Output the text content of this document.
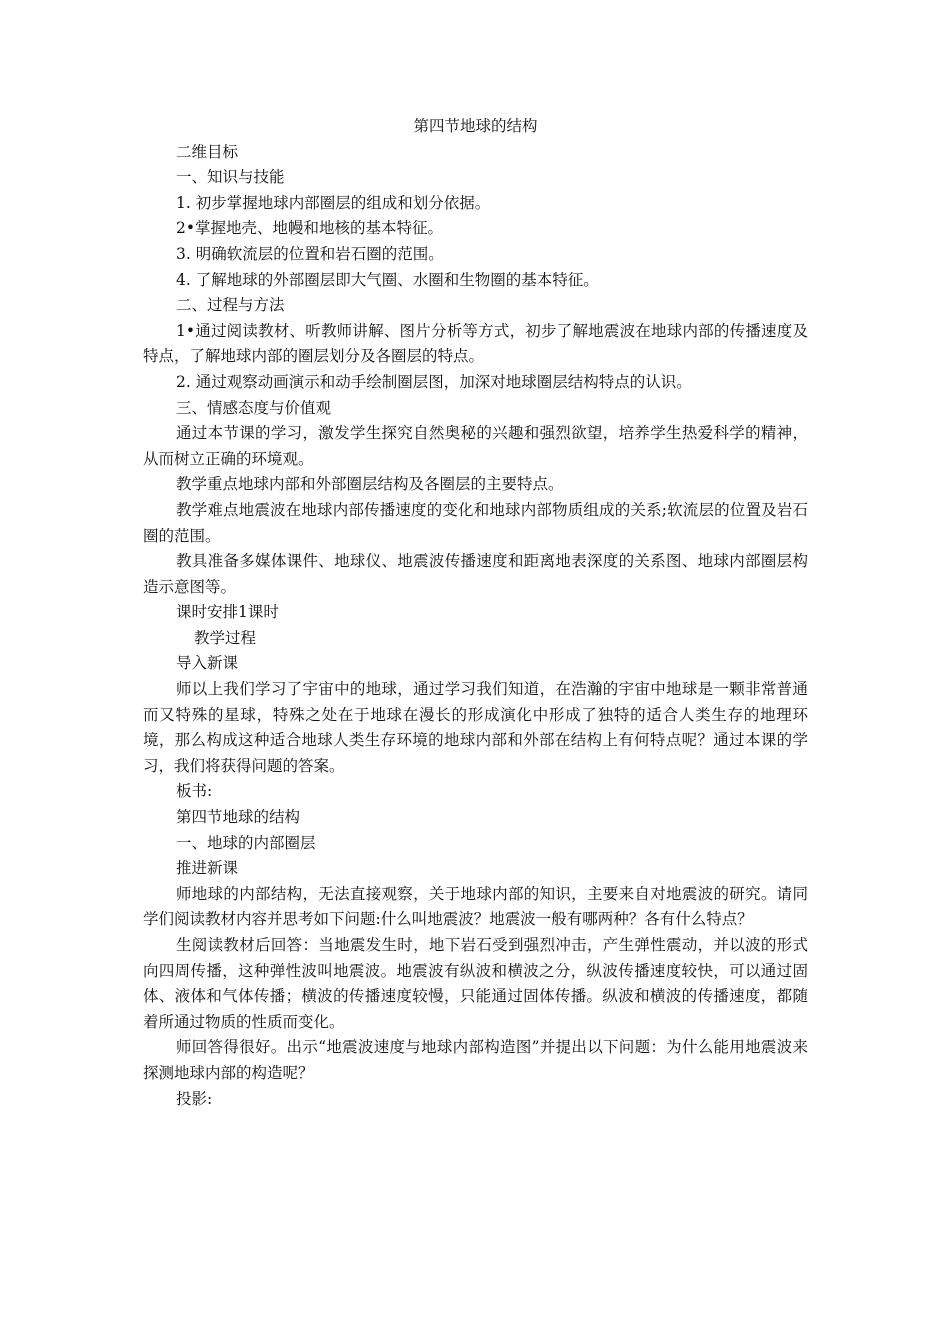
第四节地球的结构
二维目标
一、知识与技能
1. 初步掌握地球内部圈层的组成和划分依据。
2•掌握地壳、地幔和地核的基本特征。
3. 明确软流层的位置和岩石圈的范围。
4. 了解地球的外部圈层即大气圈、水圈和生物圈的基本特征。
二、过程与方法
1•通过阅读教材、听教师讲解、图片分析等方式，初步了解地震波在地球内部的传播速度及特点，了解地球内部的圈层划分及各圈层的特点。
2. 通过观察动画演示和动手绘制圈层图，加深对地球圈层结构特点的认识。
三、情感态度与价值观
通过本节课的学习，激发学生探究自然奥秘的兴趣和强烈欲望，培养学生热爱科学的精神，从而树立正确的环境观。
教学重点地球内部和外部圈层结构及各圈层的主要特点。
教学难点地震波在地球内部传播速度的变化和地球内部物质组成的关系;软流层的位置及岩石圈的范围。
教具准备多媒体课件、地球仪、地震波传播速度和距离地表深度的关系图、地球内部圈层构造示意图等。
课时安排1课时
教学过程
导入新课
师以上我们学习了宇宙中的地球，通过学习我们知道，在浩瀚的宇宙中地球是一颗非常普通而又特殊的星球，特殊之处在于地球在漫长的形成演化中形成了独特的适合人类生存的地理环境，那么构成这种适合地球人类生存环境的地球内部和外部在结构上有何特点呢？通过本课的学习，我们将获得问题的答案。
板书:
第四节地球的结构
一、地球的内部圈层
推进新课
师地球的内部结构，无法直接观察，关于地球内部的知识，主要来自对地震波的研究。请同学们阅读教材内容并思考如下问题:什么叫地震波？地震波一般有哪两种？各有什么特点？
生阅读教材后回答：当地震发生时，地下岩石受到强烈冲击，产生弹性震动，并以波的形式向四周传播，这种弹性波叫地震波。地震波有纵波和横波之分，纵波传播速度较快，可以通过固体、液体和气体传播；横波的传播速度较慢，只能通过固体传播。纵波和横波的传播速度，都随着所通过物质的性质而变化。
师回答得很好。出示“地震波速度与地球内部构造图”并提出以下问题：为什么能用地震波来探测地球内部的构造呢？
投影:
